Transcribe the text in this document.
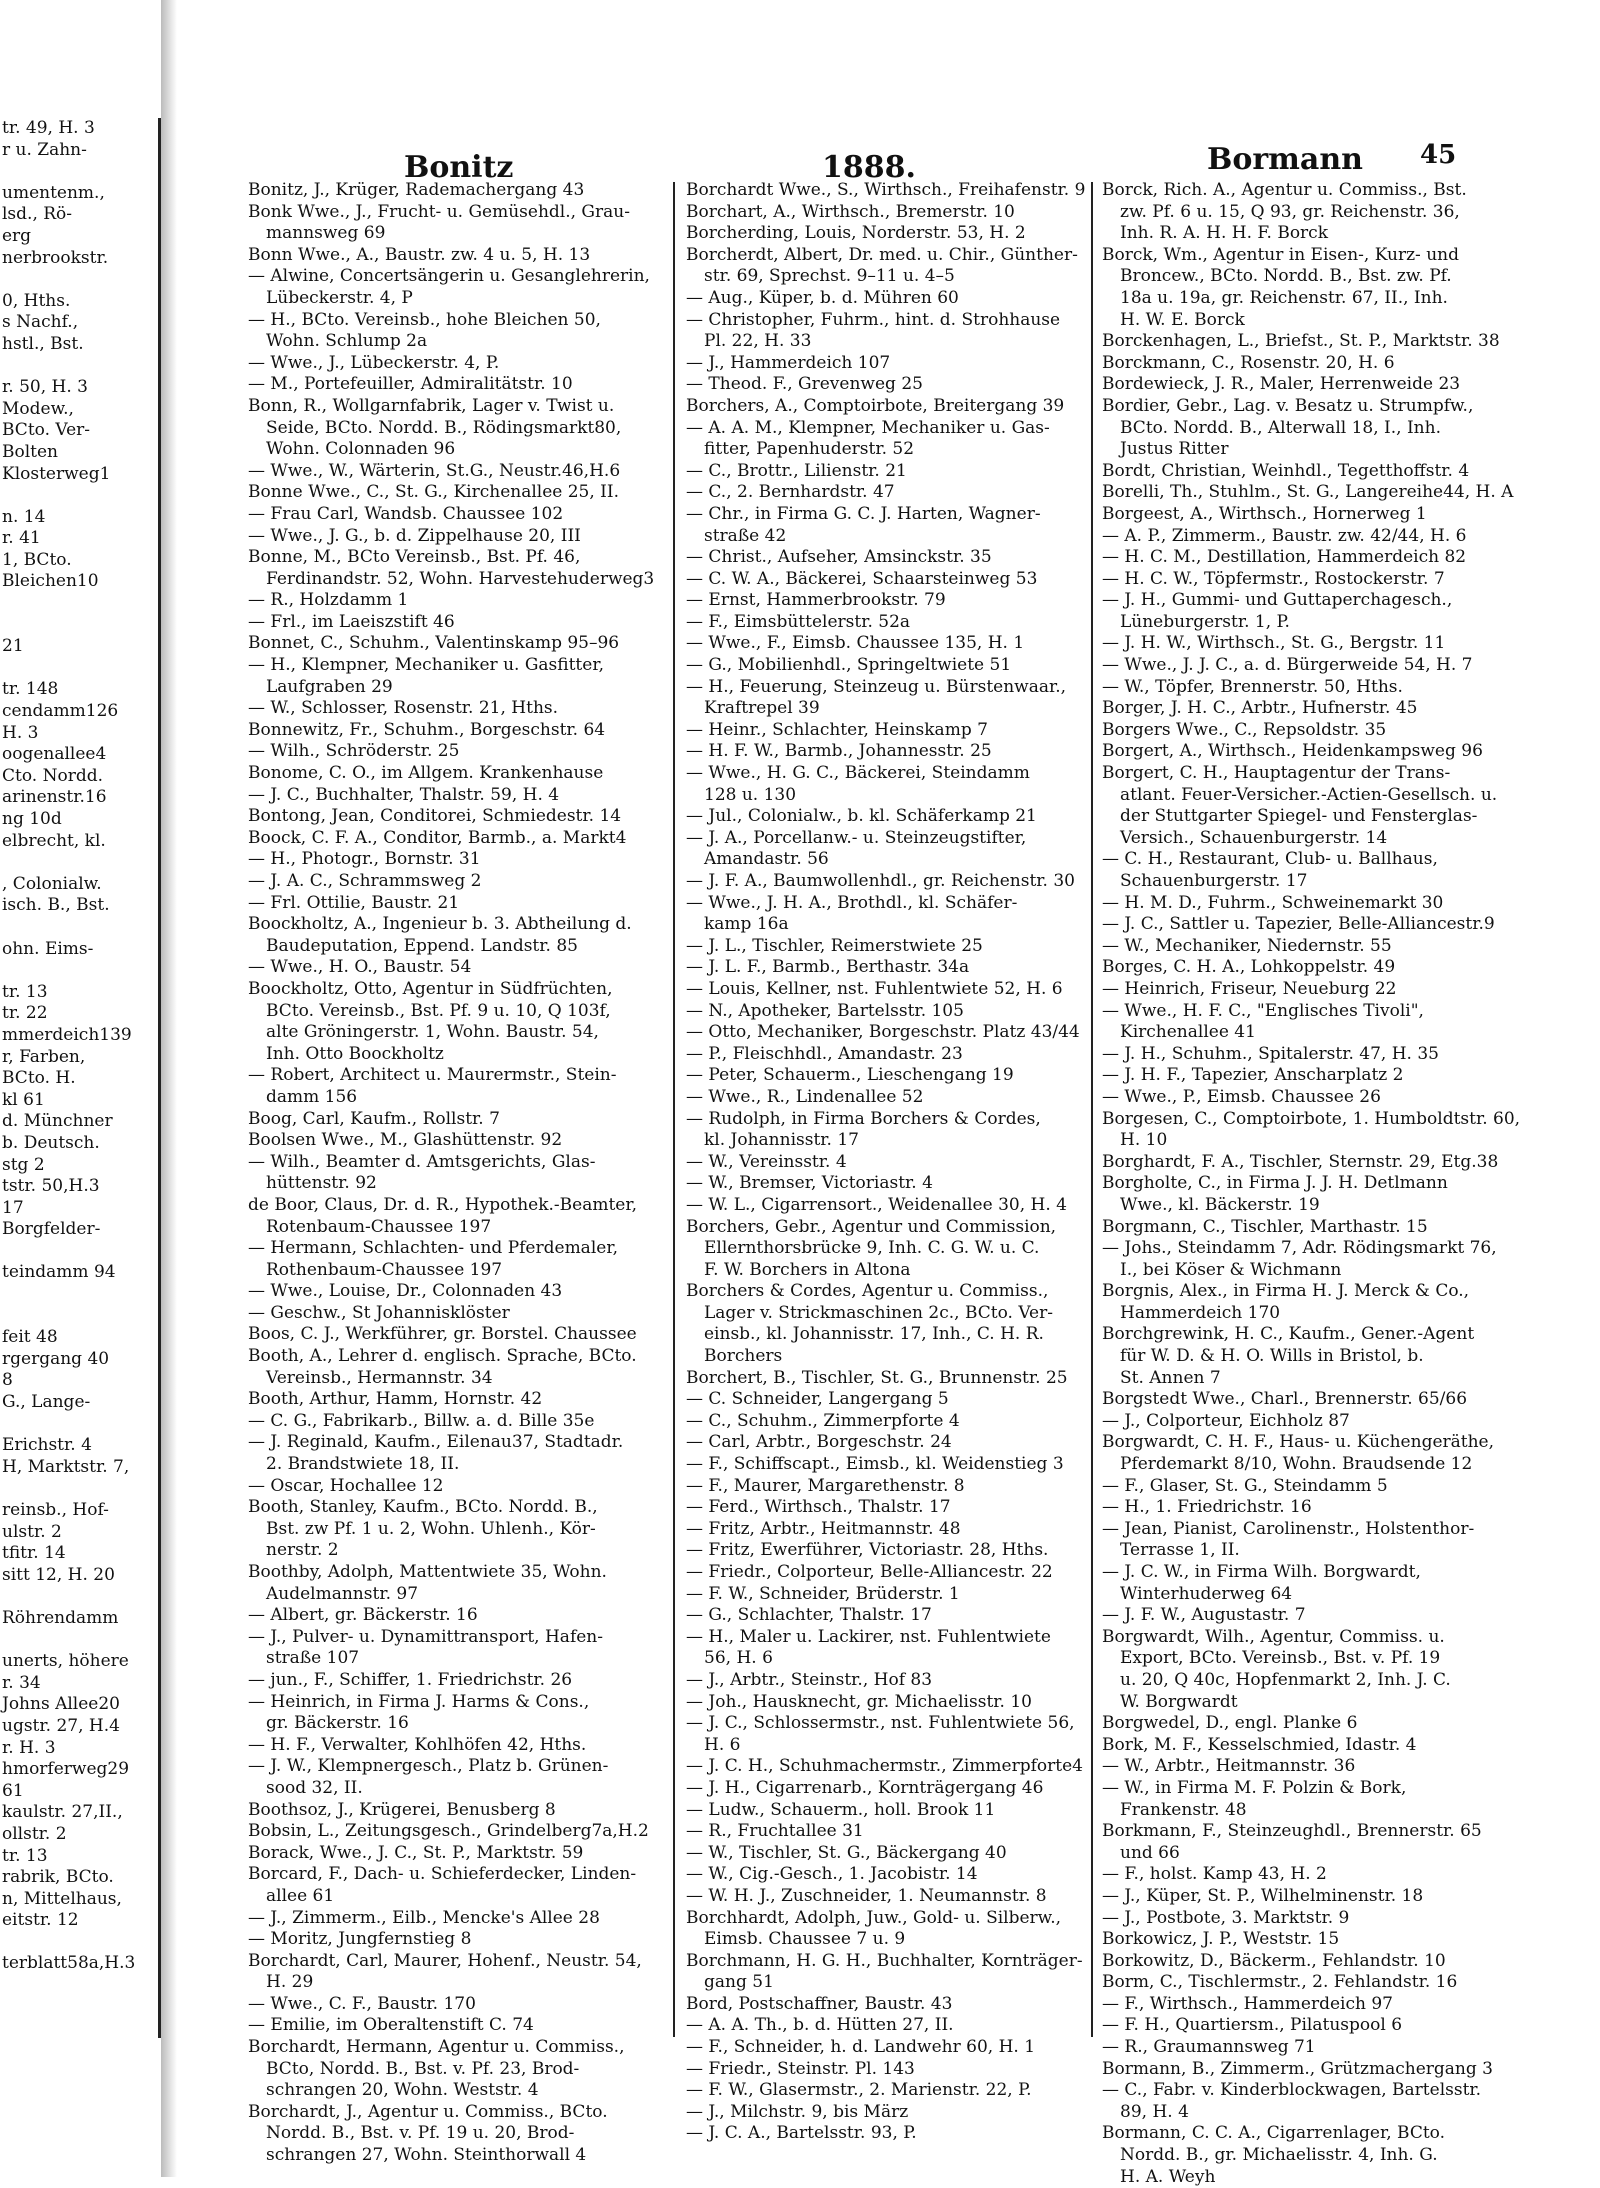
tr. 49, H. 3
r u. Zahn-

umentenm.,
lsd., Rö-
erg
nerbrookstr.

0, Hths.
s Nachf.,
hstl., Bst.

r. 50, H. 3
Modew.,
BCto. Ver-
Bolten
Klosterweg1

n. 14
r. 41
1, BCto.
Bleichen10

21

tr. 148
cendamm126
H. 3
oogenallee4
Cto. Nordd.
arinenstr.16
ng 10d
elbrecht, kl.

, Colonialw.
isch. B., Bst.

ohn. Eims-

tr. 13
tr. 22
mmerdeich139
r, Farben,
BCto. H.
kl 61
d. Münchner
b. Deutsch.
stg 2
tstr. 50,H.3
17
Borgfelder-

teindamm 94

feit 48
rgergang 40
8
G., Lange-

Erichstr. 4
H, Marktstr. 7,

reinsb., Hof-
ulstr. 2
tfitr. 14
sitt 12, H. 20

Röhrendamm

unerts, höhere
r. 34
Johns Allee20
ugstr. 27, H.4
r. H. 3
hmorferweg29
61
kaulstr. 27,II.,
ollstr. 2
tr. 13
rabrik, BCto.
n, Mittelhaus,
eitstr. 12

terblatt58a,H.3
Bonitz	1888.	Bormann 45
Bonitz, J., Krüger, Rademachergang 43
Bonk Wwe., J., Frucht- u. Gemüsehdl., Grau-
mannsweg 69
Bonn Wwe., A., Baustr. zw. 4 u. 5, H. 13
— Alwine, Concertsängerin u. Gesanglehrerin,
Lübeckerstr. 4, P
— H., BCto. Vereinsb., hohe Bleichen 50,
Wohn. Schlump 2a
— Wwe., J., Lübeckerstr. 4, P.
— M., Portefeuiller, Admiralitätstr. 10
Bonn, R., Wollgarnfabrik, Lager v. Twist u.
Seide, BCto. Nordd. B., Rödingsmarkt80,
Wohn. Colonnaden 96
— Wwe., W., Wärterin, St.G., Neustr.46,H.6
Bonne Wwe., C., St. G., Kirchenallee 25, II.
— Frau Carl, Wandsb. Chaussee 102
— Wwe., J. G., b. d. Zippelhause 20, III
Bonne, M., BCto Vereinsb., Bst. Pf. 46,
Ferdinandstr. 52, Wohn. Harvestehuderweg3
— R., Holzdamm 1
— Frl., im Laeiszstift 46
Bonnet, C., Schuhm., Valentinskamp 95–96
— H., Klempner, Mechaniker u. Gasfitter,
Laufgraben 29
— W., Schlosser, Rosenstr. 21, Hths.
Bonnewitz, Fr., Schuhm., Borgeschstr. 64
— Wilh., Schröderstr. 25
Bonome, C. O., im Allgem. Krankenhause
— J. C., Buchhalter, Thalstr. 59, H. 4
Bontong, Jean, Conditorei, Schmiedestr. 14
Boock, C. F. A., Conditor, Barmb., a. Markt4
— H., Photogr., Bornstr. 31
— J. A. C., Schrammsweg 2
— Frl. Ottilie, Baustr. 21
Boockholtz, A., Ingenieur b. 3. Abtheilung d.
Baudeputation, Eppend. Landstr. 85
— Wwe., H. O., Baustr. 54
Boockholtz, Otto, Agentur in Südfrüchten,
BCto. Vereinsb., Bst. Pf. 9 u. 10, Q 103f,
alte Gröningerstr. 1, Wohn. Baustr. 54,
Inh. Otto Boockholtz
— Robert, Architect u. Maurermstr., Stein-
damm 156
Boog, Carl, Kaufm., Rollstr. 7
Boolsen Wwe., M., Glashüttenstr. 92
— Wilh., Beamter d. Amtsgerichts, Glas-
hüttenstr. 92
de Boor, Claus, Dr. d. R., Hypothek.-Beamter,
Rotenbaum-Chaussee 197
— Hermann, Schlachten- und Pferdemaler,
Rothenbaum-Chaussee 197
— Wwe., Louise, Dr., Colonnaden 43
— Geschw., St Johannisklöster
Boos, C. J., Werkführer, gr. Borstel. Chaussee
Booth, A., Lehrer d. englisch. Sprache, BCto.
Vereinsb., Hermannstr. 34
Booth, Arthur, Hamm, Hornstr. 42
— C. G., Fabrikarb., Billw. a. d. Bille 35e
— J. Reginald, Kaufm., Eilenau37, Stadtadr.
2. Brandstwiete 18, II.
— Oscar, Hochallee 12
Booth, Stanley, Kaufm., BCto. Nordd. B.,
Bst. zw Pf. 1 u. 2, Wohn. Uhlenh., Kör-
nerstr. 2
Boothby, Adolph, Mattentwiete 35, Wohn.
Audelmannstr. 97
— Albert, gr. Bäckerstr. 16
— J., Pulver- u. Dynamittransport, Hafen-
straße 107
— jun., F., Schiffer, 1. Friedrichstr. 26
— Heinrich, in Firma J. Harms & Cons.,
gr. Bäckerstr. 16
— H. F., Verwalter, Kohlhöfen 42, Hths.
— J. W., Klempnergesch., Platz b. Grünen-
sood 32, II.
Boothsoz, J., Krügerei, Benusberg 8
Bobsin, L., Zeitungsgesch., Grindelberg7a,H.2
Borack, Wwe., J. C., St. P., Marktstr. 59
Borcard, F., Dach- u. Schieferdecker, Linden-
allee 61
— J., Zimmerm., Eilb., Mencke's Allee 28
— Moritz, Jungfernstieg 8
Borchardt, Carl, Maurer, Hohenf., Neustr. 54,
H. 29
— Wwe., C. F., Baustr. 170
— Emilie, im Oberaltenstift C. 74
Borchardt, Hermann, Agentur u. Commiss.,
BCto, Nordd. B., Bst. v. Pf. 23, Brod-
schrangen 20, Wohn. Weststr. 4
Borchardt, J., Agentur u. Commiss., BCto.
Nordd. B., Bst. v. Pf. 19 u. 20, Brod-
schrangen 27, Wohn. Steinthorwall 4
Borchardt Wwe., S., Wirthsch., Freihafenstr. 9
Borchart, A., Wirthsch., Bremerstr. 10
Borcherding, Louis, Norderstr. 53, H. 2
Borcherdt, Albert, Dr. med. u. Chir., Günther-
str. 69, Sprechst. 9–11 u. 4–5
— Aug., Küper, b. d. Mühren 60
— Christopher, Fuhrm., hint. d. Strohhause
Pl. 22, H. 33
— J., Hammerdeich 107
— Theod. F., Grevenweg 25
Borchers, A., Comptoirbote, Breitergang 39
— A. A. M., Klempner, Mechaniker u. Gas-
fitter, Papenhuderstr. 52
— C., Brottr., Lilienstr. 21
— C., 2. Bernhardstr. 47
— Chr., in Firma G. C. J. Harten, Wagner-
straße 42
— Christ., Aufseher, Amsinckstr. 35
— C. W. A., Bäckerei, Schaarsteinweg 53
— Ernst, Hammerbrookstr. 79
— F., Eimsbüttelerstr. 52a
— Wwe., F., Eimsb. Chaussee 135, H. 1
— G., Mobilienhdl., Springeltwiete 51
— H., Feuerung, Steinzeug u. Bürstenwaar.,
Kraftrepel 39
— Heinr., Schlachter, Heinskamp 7
— H. F. W., Barmb., Johannesstr. 25
— Wwe., H. G. C., Bäckerei, Steindamm
128 u. 130
— Jul., Colonialw., b. kl. Schäferkamp 21
— J. A., Porcellanw.- u. Steinzeugstifter,
Amandastr. 56
— J. F. A., Baumwollenhdl., gr. Reichenstr. 30
— Wwe., J. H. A., Brothdl., kl. Schäfer-
kamp 16a
— J. L., Tischler, Reimerstwiete 25
— J. L. F., Barmb., Berthastr. 34a
— Louis, Kellner, nst. Fuhlentwiete 52, H. 6
— N., Apotheker, Bartelsstr. 105
— Otto, Mechaniker, Borgeschstr. Platz 43/44
— P., Fleischhdl., Amandastr. 23
— Peter, Schauerm., Lieschengang 19
— Wwe., R., Lindenallee 52
— Rudolph, in Firma Borchers & Cordes,
kl. Johannisstr. 17
— W., Vereinsstr. 4
— W., Bremser, Victoriastr. 4
— W. L., Cigarrensort., Weidenallee 30, H. 4
Borchers, Gebr., Agentur und Commission,
Ellernthorsbrücke 9, Inh. C. G. W. u. C.
F. W. Borchers in Altona
Borchers & Cordes, Agentur u. Commiss.,
Lager v. Strickmaschinen 2c., BCto. Ver-
einsb., kl. Johannisstr. 17, Inh., C. H. R.
Borchers
Borchert, B., Tischler, St. G., Brunnenstr. 25
— C. Schneider, Langergang 5
— C., Schuhm., Zimmerpforte 4
— Carl, Arbtr., Borgeschstr. 24
— F., Schiffscapt., Eimsb., kl. Weidenstieg 3
— F., Maurer, Margarethenstr. 8
— Ferd., Wirthsch., Thalstr. 17
— Fritz, Arbtr., Heitmannstr. 48
— Fritz, Ewerführer, Victoriastr. 28, Hths.
— Friedr., Colporteur, Belle-Alliancestr. 22
— F. W., Schneider, Brüderstr. 1
— G., Schlachter, Thalstr. 17
— H., Maler u. Lackirer, nst. Fuhlentwiete
56, H. 6
— J., Arbtr., Steinstr., Hof 83
— Joh., Hausknecht, gr. Michaelisstr. 10
— J. C., Schlossermstr., nst. Fuhlentwiete 56,
H. 6
— J. C. H., Schuhmachermstr., Zimmerpforte4
— J. H., Cigarrenarb., Kornträgergang 46
— Ludw., Schauerm., holl. Brook 11
— R., Fruchtallee 31
— W., Tischler, St. G., Bäckergang 40
— W., Cig.-Gesch., 1. Jacobistr. 14
— W. H. J., Zuschneider, 1. Neumannstr. 8
Borchhardt, Adolph, Juw., Gold- u. Silberw.,
Eimsb. Chaussee 7 u. 9
Borchmann, H. G. H., Buchhalter, Kornträger-
gang 51
Bord, Postschaffner, Baustr. 43
— A. A. Th., b. d. Hütten 27, II.
— F., Schneider, h. d. Landwehr 60, H. 1
— Friedr., Steinstr. Pl. 143
— F. W., Glasermstr., 2. Marienstr. 22, P.
— J., Milchstr. 9, bis März
— J. C. A., Bartelsstr. 93, P.
Borck, Rich. A., Agentur u. Commiss., Bst.
zw. Pf. 6 u. 15, Q 93, gr. Reichenstr. 36,
Inh. R. A. H. H. F. Borck
Borck, Wm., Agentur in Eisen-, Kurz- und
Broncew., BCto. Nordd. B., Bst. zw. Pf.
18a u. 19a, gr. Reichenstr. 67, II., Inh.
H. W. E. Borck
Borckenhagen, L., Briefst., St. P., Marktstr. 38
Borckmann, C., Rosenstr. 20, H. 6
Bordewieck, J. R., Maler, Herrenweide 23
Bordier, Gebr., Lag. v. Besatz u. Strumpfw.,
BCto. Nordd. B., Alterwall 18, I., Inh.
Justus Ritter
Bordt, Christian, Weinhdl., Tegetthoffstr. 4
Borelli, Th., Stuhlm., St. G., Langereihe44, H. A
Borgeest, A., Wirthsch., Hornerweg 1
— A. P., Zimmerm., Baustr. zw. 42/44, H. 6
— H. C. M., Destillation, Hammerdeich 82
— H. C. W., Töpfermstr., Rostockerstr. 7
— J. H., Gummi- und Guttaperchagesch.,
Lüneburgerstr. 1, P.
— J. H. W., Wirthsch., St. G., Bergstr. 11
— Wwe., J. J. C., a. d. Bürgerweide 54, H. 7
— W., Töpfer, Brennerstr. 50, Hths.
Borger, J. H. C., Arbtr., Hufnerstr. 45
Borgers Wwe., C., Repsoldstr. 35
Borgert, A., Wirthsch., Heidenkampsweg 96
Borgert, C. H., Hauptagentur der Trans-
atlant. Feuer-Versicher.-Actien-Gesellsch. u.
der Stuttgarter Spiegel- und Fensterglas-
Versich., Schauenburgerstr. 14
— C. H., Restaurant, Club- u. Ballhaus,
Schauenburgerstr. 17
— H. M. D., Fuhrm., Schweinemarkt 30
— J. C., Sattler u. Tapezier, Belle-Alliancestr.9
— W., Mechaniker, Niedernstr. 55
Borges, C. H. A., Lohkoppelstr. 49
— Heinrich, Friseur, Neueburg 22
— Wwe., H. F. C., "Englisches Tivoli",
Kirchenallee 41
— J. H., Schuhm., Spitalerstr. 47, H. 35
— J. H. F., Tapezier, Anscharplatz 2
— Wwe., P., Eimsb. Chaussee 26
Borgesen, C., Comptoirbote, 1. Humboldtstr. 60,
H. 10
Borghardt, F. A., Tischler, Sternstr. 29, Etg.38
Borgholte, C., in Firma J. J. H. Detlmann
Wwe., kl. Bäckerstr. 19
Borgmann, C., Tischler, Marthastr. 15
— Johs., Steindamm 7, Adr. Rödingsmarkt 76,
I., bei Köser & Wichmann
Borgnis, Alex., in Firma H. J. Merck & Co.,
Hammerdeich 170
Borchgrewink, H. C., Kaufm., Gener.-Agent
für W. D. & H. O. Wills in Bristol, b.
St. Annen 7
Borgstedt Wwe., Charl., Brennerstr. 65/66
— J., Colporteur, Eichholz 87
Borgwardt, C. H. F., Haus- u. Küchengeräthe,
Pferdemarkt 8/10, Wohn. Braudsende 12
— F., Glaser, St. G., Steindamm 5
— H., 1. Friedrichstr. 16
— Jean, Pianist, Carolinenstr., Holstenthor-
Terrasse 1, II.
— J. C. W., in Firma Wilh. Borgwardt,
Winterhuderweg 64
— J. F. W., Augustastr. 7
Borgwardt, Wilh., Agentur, Commiss. u.
Export, BCto. Vereinsb., Bst. v. Pf. 19
u. 20, Q 40c, Hopfenmarkt 2, Inh. J. C.
W. Borgwardt
Borgwedel, D., engl. Planke 6
Bork, M. F., Kesselschmied, Idastr. 4
— W., Arbtr., Heitmannstr. 36
— W., in Firma M. F. Polzin & Bork,
Frankenstr. 48
Borkmann, F., Steinzeughdl., Brennerstr. 65
und 66
— F., holst. Kamp 43, H. 2
— J., Küper, St. P., Wilhelminenstr. 18
— J., Postbote, 3. Marktstr. 9
Borkowicz, J. P., Weststr. 15
Borkowitz, D., Bäckerm., Fehlandstr. 10
Borm, C., Tischlermstr., 2. Fehlandstr. 16
— F., Wirthsch., Hammerdeich 97
— F. H., Quartiersm., Pilatuspool 6
— R., Graumannsweg 71
Bormann, B., Zimmerm., Grützmachergang 3
— C., Fabr. v. Kinderblockwagen, Bartelsstr.
89, H. 4
Bormann, C. C. A., Cigarrenlager, BCto.
Nordd. B., gr. Michaelisstr. 4, Inh. G.
H. A. Weyh
